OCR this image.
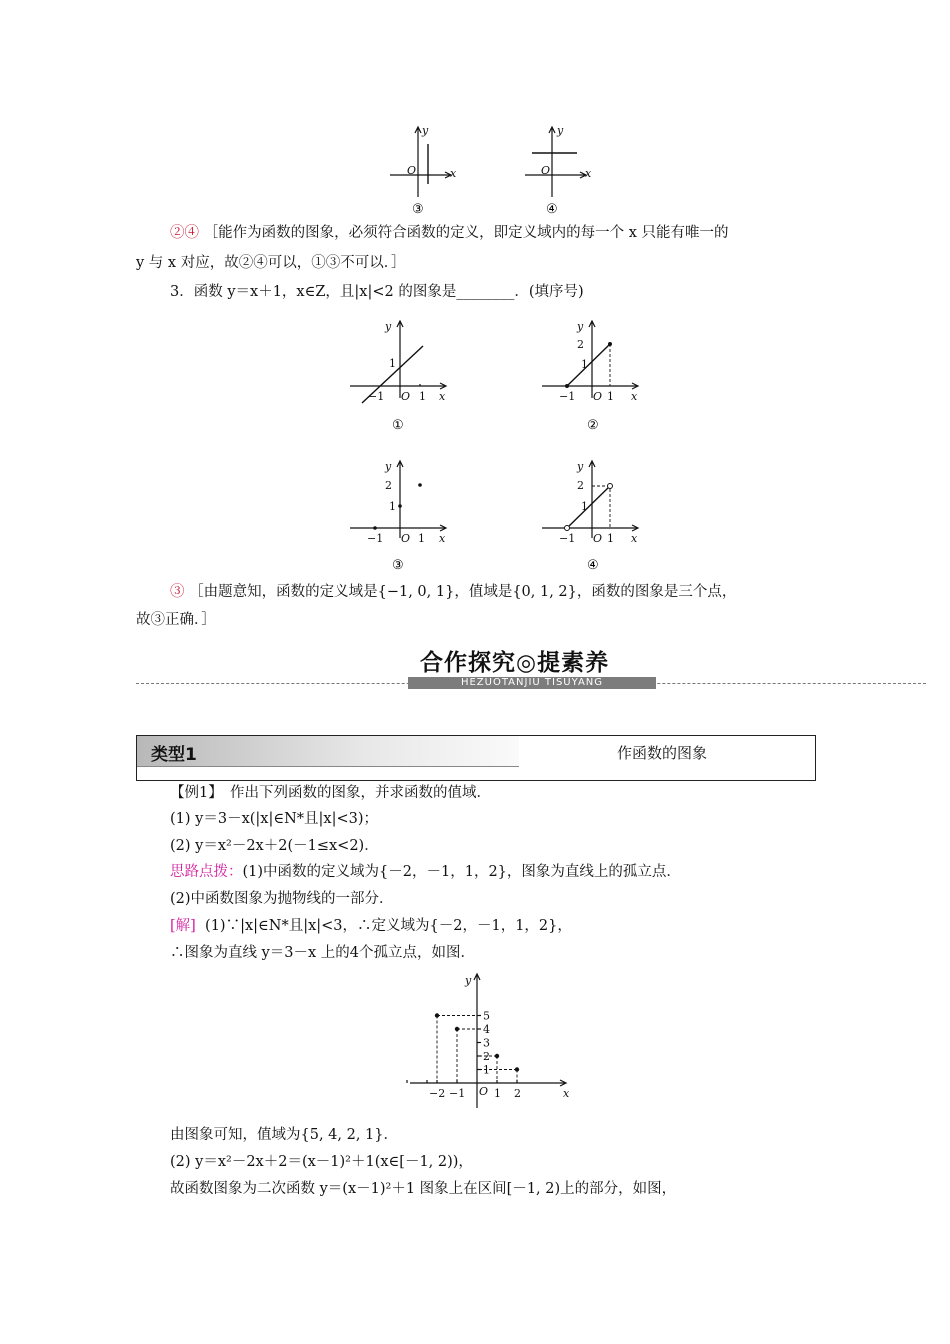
y
x
O
③
y
x
O
④
②④ ［能作为函数的图象，必须符合函数的定义，即定义域内的每一个 x 只能有唯一的
y 与 x 对应，故②④可以，①③不可以．］
3．函数 y＝x＋1，x∈Z，且|x|<2 的图象是________．(填序号)
y
x
1
−1 O 1
①
y
x
2
1
−1 O 1
②
y
x
2
1
−1 O 1
③
y
x
2
1
−1 O 1
④
③ ［由题意知，函数的定义域是{−1, 0, 1}，值域是{0, 1, 2}，函数的图象是三个点，
故③正确．］
合作探究◎提素养
HEZUOTANJIU TISUYANG
类型1	作函数的图象
【例1】　作出下列函数的图象，并求函数的值域．
(1) y＝3－x(|x|∈N*且|x|<3)；
(2) y＝x²－2x＋2(－1≤x<2)．
思路点拨：(1)中函数的定义域为{－2，－1，1，2}，图象为直线上的孤立点．
(2)中函数图象为抛物线的一部分．
[解] (1)∵|x|∈N*且|x|<3，∴定义域为{－2，－1，1，2}，
∴图象为直线 y＝3－x 上的4个孤立点，如图．
y
x
O
5
4
3
2
1
−2 −1	1 2
由图象可知，值域为{5, 4, 2, 1}．
(2) y＝x²－2x＋2＝(x－1)²＋1(x∈[－1, 2))，
故函数图象为二次函数 y＝(x－1)²＋1 图象上在区间[－1, 2)上的部分，如图，
